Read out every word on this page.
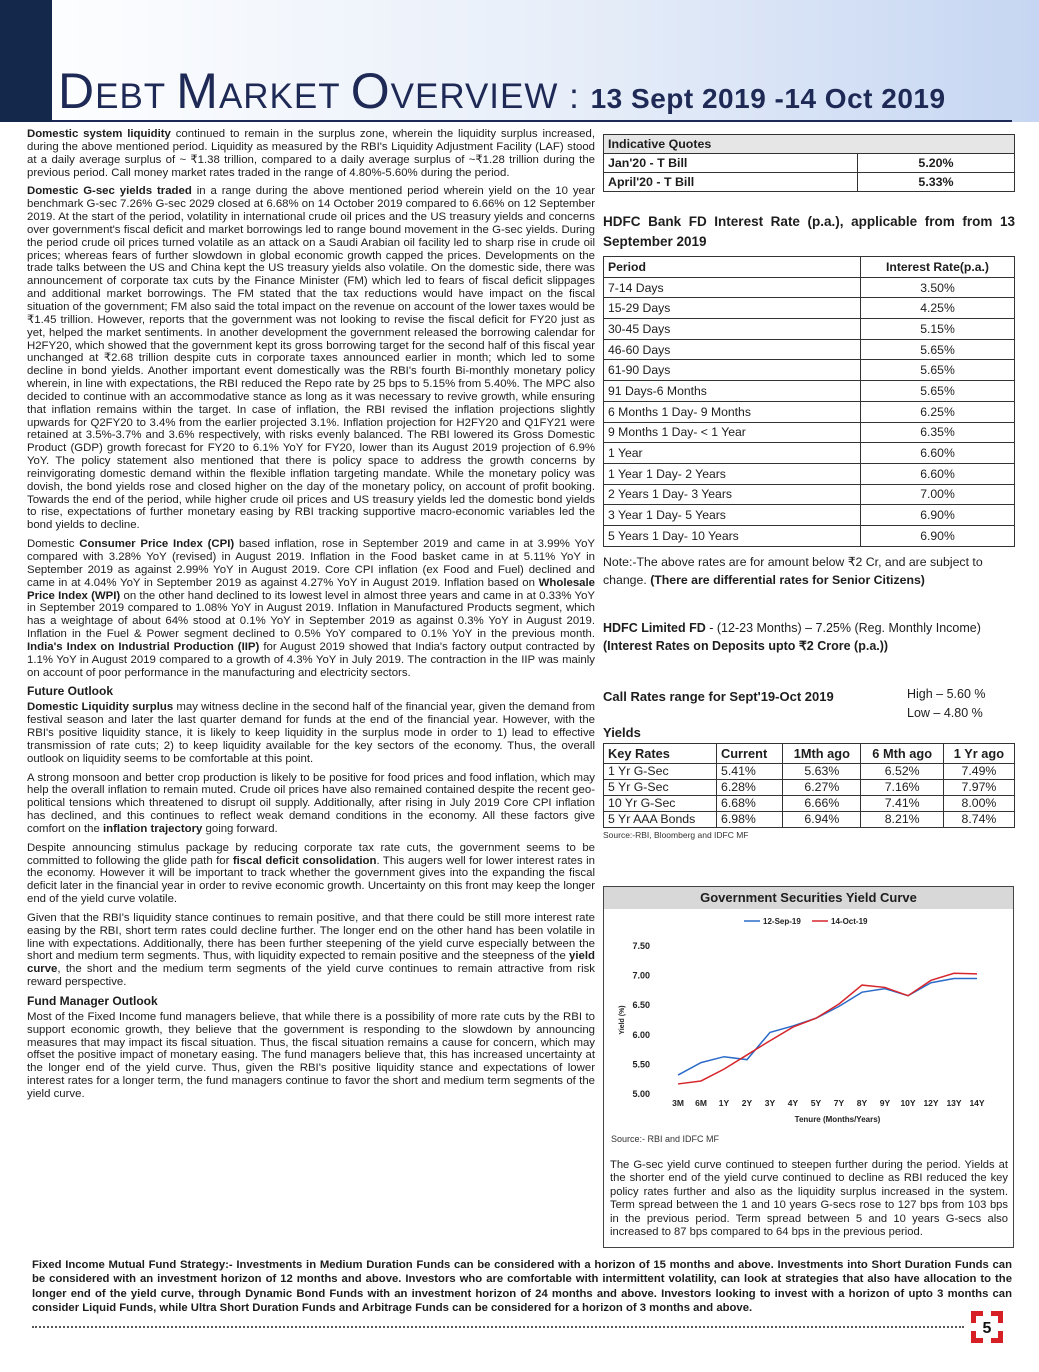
DEBT MARKET OVERVIEW : 13 Sept 2019 -14 Oct 2019

Domestic system liquidity continued to remain in the surplus zone, wherein the liquidity surplus increased, during the above mentioned period. Liquidity as measured by the RBI's Liquidity Adjustment Facility (LAF) stood at a daily average surplus of ~ ₹1.38 trillion, compared to a daily average surplus of ~₹1.28 trillion during the previous period. Call money market rates traded in the range of 4.80%-5.60% during the period.

Domestic G-sec yields traded in a range during the above mentioned period wherein yield on the 10 year benchmark G-sec 7.26% G-sec 2029 closed at 6.68% on 14 October 2019 compared to 6.66% on 12 September 2019. At the start of the period, volatility in international crude oil prices and the US treasury yields and concerns over government's fiscal deficit and market borrowings led to range bound movement in the G-sec yields. During the period crude oil prices turned volatile as an attack on a Saudi Arabian oil facility led to sharp rise in crude oil prices; whereas fears of further slowdown in global economic growth capped the prices. Developments on the trade talks between the US and China kept the US treasury yields also volatile. On the domestic side, there was announcement of corporate tax cuts by the Finance Minister (FM) which led to fears of fiscal deficit slippages and additional market borrowings. The FM stated that the tax reductions would have impact on the fiscal situation of the government; FM also said the total impact on the revenue on account of the lower taxes would be ₹1.45 trillion. However, reports that the government was not looking to revise the fiscal deficit for FY20 just as yet, helped the market sentiments. In another development the government released the borrowing calendar for H2FY20, which showed that the government kept its gross borrowing target for the second half of this fiscal year unchanged at ₹2.68 trillion despite cuts in corporate taxes announced earlier in month; which led to some decline in bond yields. Another important event domestically was the RBI's fourth Bi-monthly monetary policy wherein, in line with expectations, the RBI reduced the Repo rate by 25 bps to 5.15% from 5.40%. The MPC also decided to continue with an accommodative stance as long as it was necessary to revive growth, while ensuring that inflation remains within the target. In case of inflation, the RBI revised the inflation projections slightly upwards for Q2FY20 to 3.4% from the earlier projected 3.1%. Inflation projection for H2FY20 and Q1FY21 were retained at 3.5%-3.7% and 3.6% respectively, with risks evenly balanced. The RBI lowered its Gross Domestic Product (GDP) growth forecast for FY20 to 6.1% YoY for FY20, lower than its August 2019 projection of 6.9% YoY. The policy statement also mentioned that there is policy space to address the growth concerns by reinvigorating domestic demand within the flexible inflation targeting mandate. While the monetary policy was dovish, the bond yields rose and closed higher on the day of the monetary policy, on account of profit booking. Towards the end of the period, while higher crude oil prices and US treasury yields led the domestic bond yields to rise, expectations of further monetary easing by RBI tracking supportive macro-economic variables led the bond yields to decline.

Domestic Consumer Price Index (CPI) based inflation, rose in September 2019 and came in at 3.99% YoY compared with 3.28% YoY (revised) in August 2019. Inflation in the Food basket came in at 5.11% YoY in September 2019 as against 2.99% YoY in August 2019. Core CPI inflation (ex Food and Fuel) declined and came in at 4.04% YoY in September 2019 as against 4.27% YoY in August 2019. Inflation based on Wholesale Price Index (WPI) on the other hand declined to its lowest level in almost three years and came in at 0.33% YoY in September 2019 compared to 1.08% YoY in August 2019. Inflation in Manufactured Products segment, which has a weightage of about 64% stood at 0.1% YoY in September 2019 as against 0.3% YoY in August 2019. Inflation in the Fuel & Power segment declined to 0.5% YoY compared to 0.1% YoY in the previous month. India's Index on Industrial Production (IIP) for August 2019 showed that India's factory output contracted by 1.1% YoY in August 2019 compared to a growth of 4.3% YoY in July 2019. The contraction in the IIP was mainly on account of poor performance in the manufacturing and electricity sectors.

Future Outlook

Domestic Liquidity surplus may witness decline in the second half of the financial year, given the demand from festival season and later the last quarter demand for funds at the end of the financial year. However, with the RBI's positive liquidity stance, it is likely to keep liquidity in the surplus mode in order to 1) lead to effective transmission of rate cuts; 2) to keep liquidity available for the key sectors of the economy. Thus, the overall outlook on liquidity seems to be comfortable at this point.

A strong monsoon and better crop production is likely to be positive for food prices and food inflation, which may help the overall inflation to remain muted. Crude oil prices have also remained contained despite the recent geo-political tensions which threatened to disrupt oil supply. Additionally, after rising in July 2019 Core CPI inflation has declined, and this continues to reflect weak demand conditions in the economy. All these factors give comfort on the inflation trajectory going forward.

Despite announcing stimulus package by reducing corporate tax rate cuts, the government seems to be committed to following the glide path for fiscal deficit consolidation. This augers well for lower interest rates in the economy. However it will be important to track whether the government gives into the expanding the fiscal deficit later in the financial year in order to revive economic growth. Uncertainty on this front may keep the longer end of the yield curve volatile.

Given that the RBI's liquidity stance continues to remain positive, and that there could be still more interest rate easing by the RBI, short term rates could decline further. The longer end on the other hand has been volatile in line with expectations. Additionally, there has been further steepening of the yield curve especially between the short and medium term segments. Thus, with liquidity expected to remain positive and the steepness of the yield curve, the short and the medium term segments of the yield curve continues to remain attractive from risk reward perspective.

Fund Manager Outlook

Most of the Fixed Income fund managers believe, that while there is a possibility of more rate cuts by the RBI to support economic growth, they believe that the government is responding to the slowdown by announcing measures that may impact its fiscal situation. Thus, the fiscal situation remains a cause for concern, which may offset the positive impact of monetary easing. The fund managers believe that, this has increased uncertainty at the longer end of the yield curve. Thus, given the RBI's positive liquidity stance and expectations of lower interest rates for a longer term, the fund managers continue to favor the short and medium term segments of the yield curve.

Indicative Quotes	
Jan'20 - T Bill	5.20%
April'20 - T Bill	5.33%
HDFC Bank FD Interest Rate (p.a.), applicable from from 13 September 2019
Period	Interest Rate(p.a.)
7-14 Days	3.50%
15-29 Days	4.25%
30-45 Days	5.15%
46-60 Days	5.65%
61-90 Days	5.65%
91 Days-6 Months	5.65%
6 Months 1 Day- 9 Months	6.25%
9 Months 1 Day- < 1 Year	6.35%
1 Year	6.60%
1 Year 1 Day- 2 Years	6.60%
2 Years 1 Day- 3 Years	7.00%
3 Year 1 Day- 5 Years	6.90%
5 Years 1 Day- 10 Years	6.90%
Note:-The above rates are for amount below ₹2 Cr, and are subject to change. (There are differential rates for Senior Citizens)
HDFC Limited FD - (12-23 Months) – 7.25% (Reg. Monthly Income)
(Interest Rates on Deposits upto ₹2 Crore (p.a.))
Call Rates range for Sept'19-Oct 2019	High – 5.60 %
Low – 4.80 %
Yields
Key Rates	Current	1Mth ago	6 Mth ago	1 Yr ago
1 Yr G-Sec	5.41%	5.63%	6.52%	7.49%
5 Yr G-Sec	6.28%	6.27%	7.16%	7.97%
10 Yr G-Sec	6.68%	6.66%	7.41%	8.00%
5 Yr AAA Bonds	6.98%	6.94%	8.21%	8.74%
Source:-RBI, Bloomberg and IDFC MF
Government Securities Yield Curve
5.00
5.50
6.00
6.50
7.00
7.50
Yield (%)
3M 6M 1Y 2Y 3Y 4Y 5Y 7Y 8Y 9Y 10Y 12Y 13Y 14Y
Tenure (Months/Years)
12-Sep-19	14-Oct-19
Source:- RBI and IDFC MF
The G-sec yield curve continued to steepen further during the period. Yields at the shorter end of the yield curve continued to decline as RBI reduced the key policy rates further and also as the liquidity surplus increased in the system. Term spread between the 1 and 10 years G-secs rose to 127 bps from 103 bps in the previous period. Term spread between 5 and 10 years G-secs also increased to 87 bps compared to 64 bps in the previous period.
Fixed Income Mutual Fund Strategy:- Investments in Medium Duration Funds can be considered with a horizon of 15 months and above. Investments into Short Duration Funds can be considered with an investment horizon of 12 months and above. Investors who are comfortable with intermittent volatility, can look at strategies that also have allocation to the longer end of the yield curve, through Dynamic Bond Funds with an investment horizon of 24 months and above. Investors looking to invest with a horizon of upto 3 months can consider Liquid Funds, while Ultra Short Duration Funds and Arbitrage Funds can be considered for a horizon of 3 months and above.
5
